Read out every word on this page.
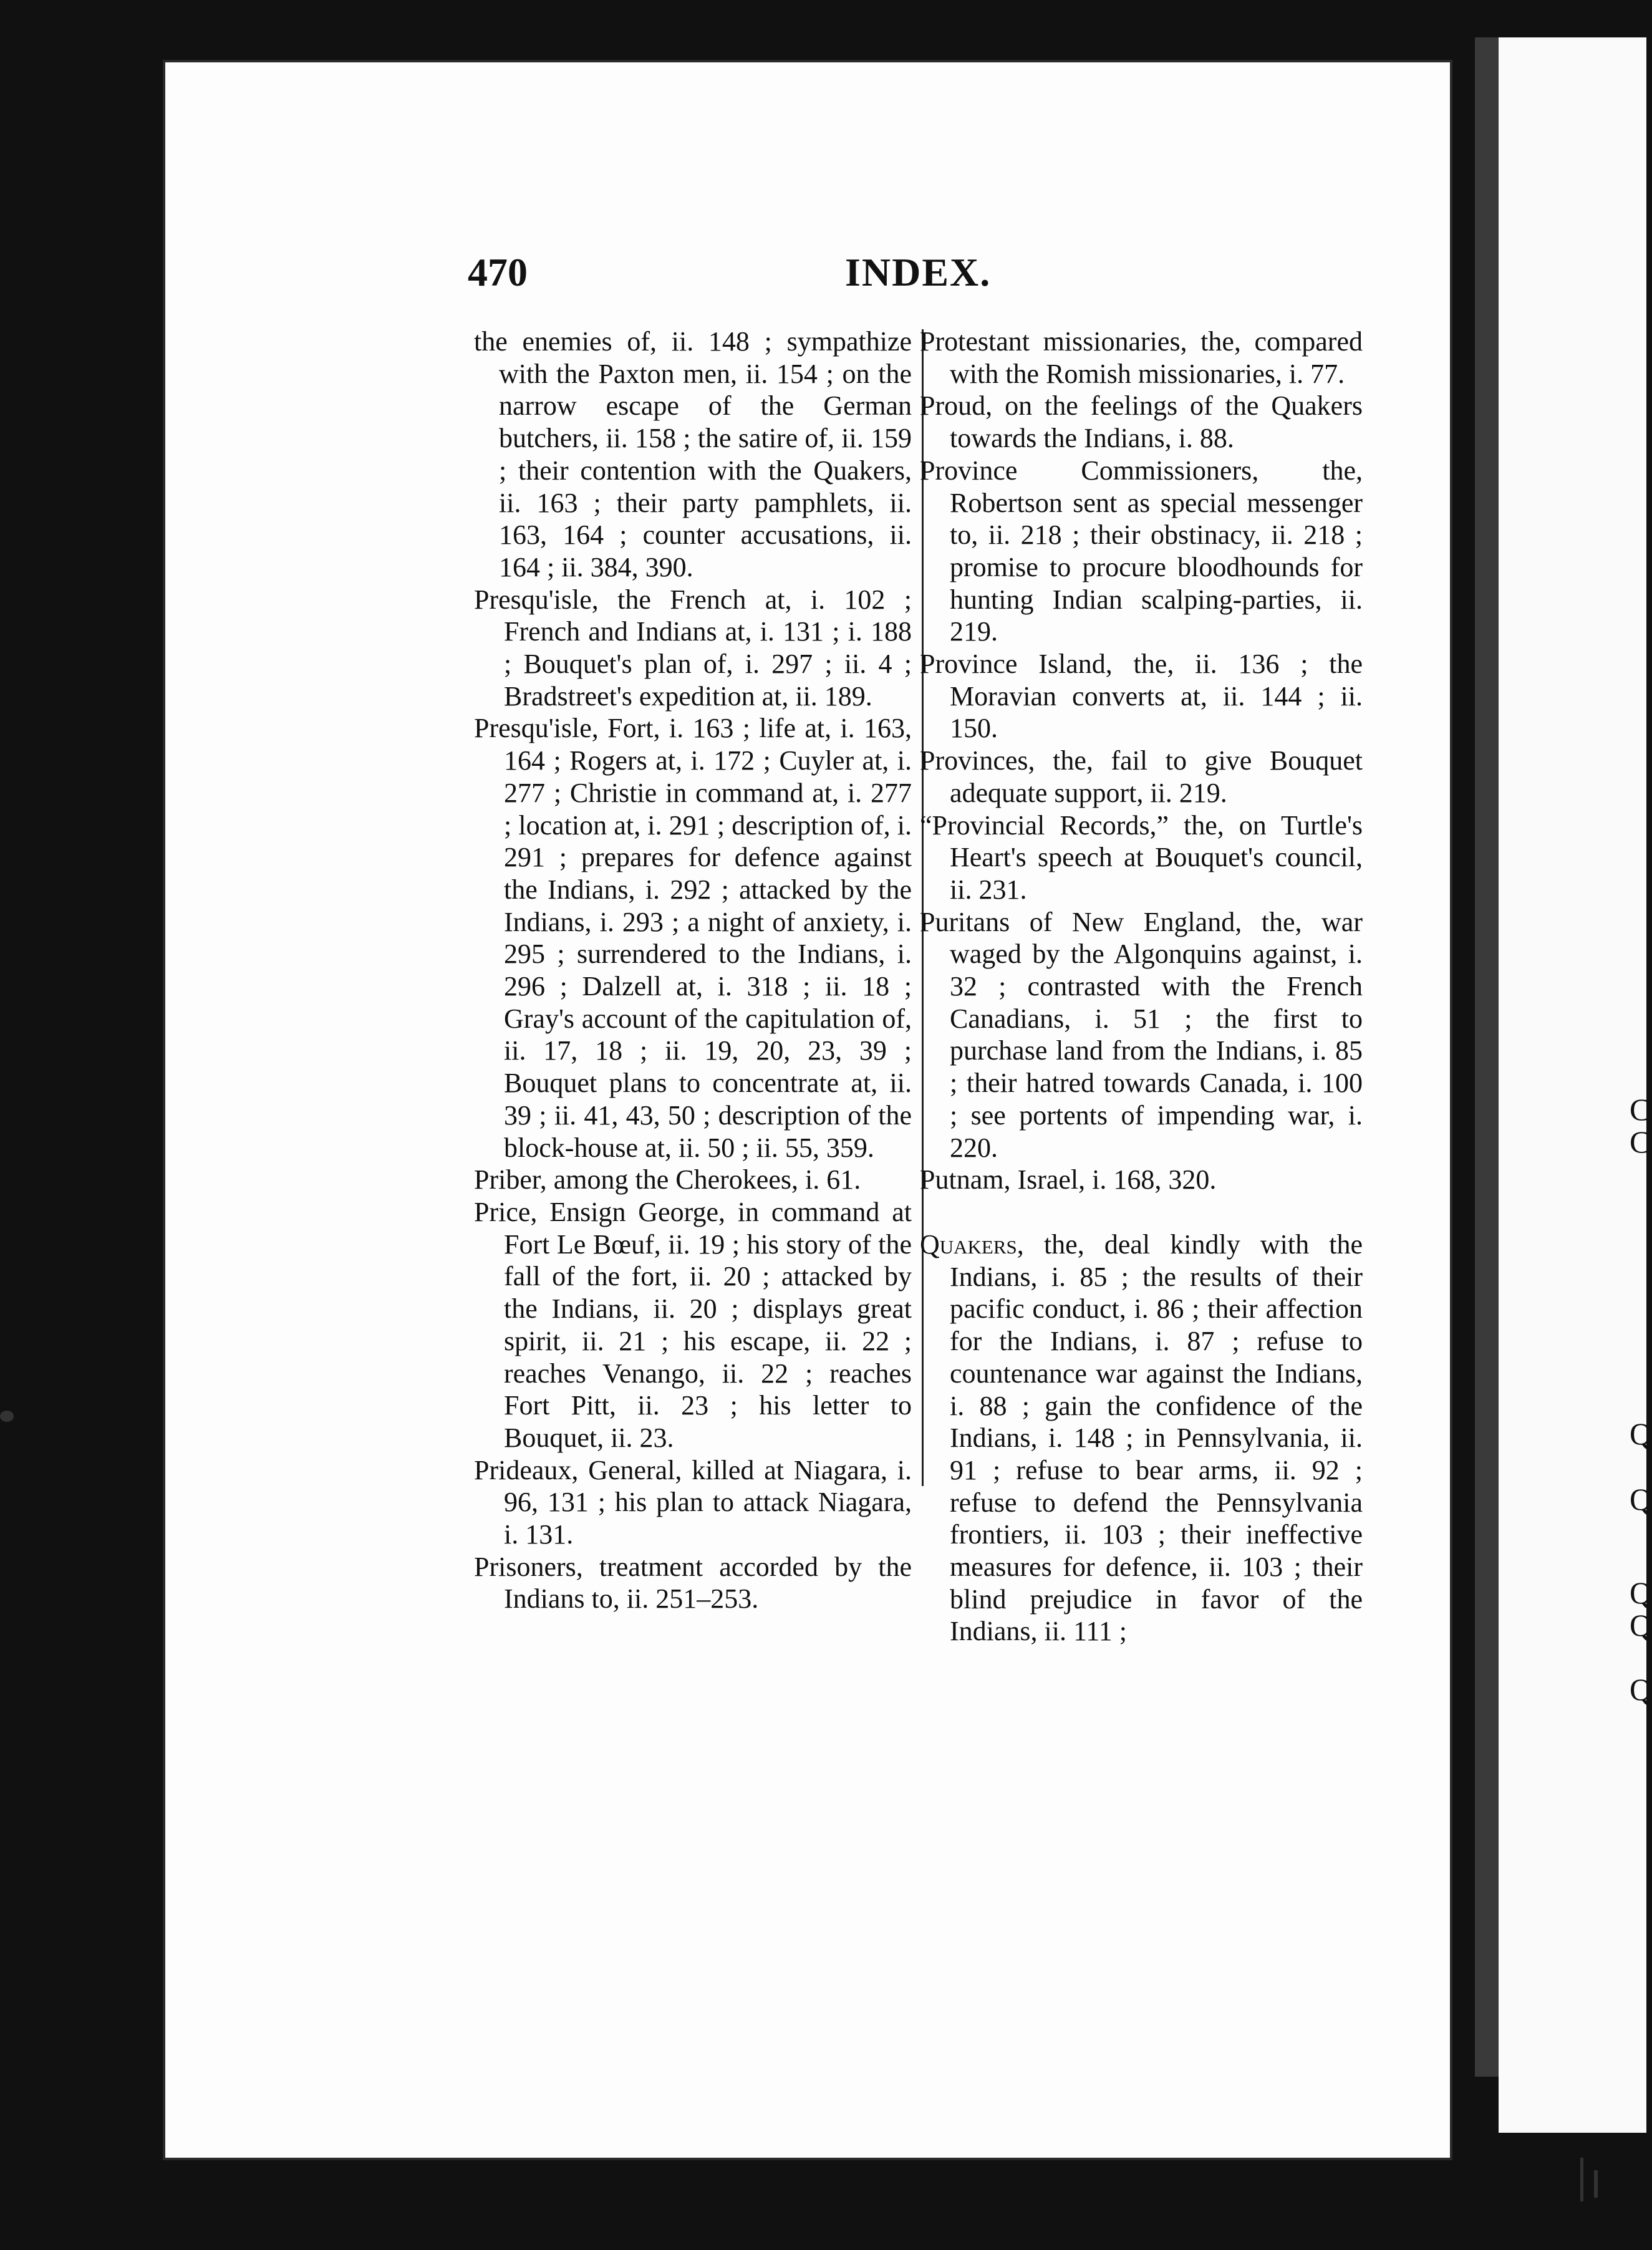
C
C
Q
Q
Q
Q
Q
470	INDEX.

the enemies of, ii. 148 ; sympathize with the Paxton men, ii. 154 ; on the narrow escape of the German butchers, ii. 158 ; the satire of, ii. 159 ; their contention with the Quakers, ii. 163 ; their party pamphlets, ii. 163, 164 ; counter accusations, ii. 164 ; ii. 384, 390.

Presqu'isle, the French at, i. 102 ; French and Indians at, i. 131 ; i. 188 ; Bouquet's plan of, i. 297 ; ii. 4 ; Bradstreet's expedition at, ii. 189.

Presqu'isle, Fort, i. 163 ; life at, i. 163, 164 ; Rogers at, i. 172 ; Cuyler at, i. 277 ; Christie in command at, i. 277 ; location at, i. 291 ; description of, i. 291 ; prepares for defence against the Indians, i. 292 ; attacked by the Indians, i. 293 ; a night of anxiety, i. 295 ; surrendered to the Indians, i. 296 ; Dalzell at, i. 318 ; ii. 18 ; Gray's account of the capitulation of, ii. 17, 18 ; ii. 19, 20, 23, 39 ; Bouquet plans to concentrate at, ii. 39 ; ii. 41, 43, 50 ; description of the block-house at, ii. 50 ; ii. 55, 359.

Priber, among the Cherokees, i. 61.

Price, Ensign George, in command at Fort Le Bœuf, ii. 19 ; his story of the fall of the fort, ii. 20 ; attacked by the Indians, ii. 20 ; displays great spirit, ii. 21 ; his escape, ii. 22 ; reaches Venango, ii. 22 ; reaches Fort Pitt, ii. 23 ; his letter to Bouquet, ii. 23.

Prideaux, General, killed at Niagara, i. 96, 131 ; his plan to attack Niagara, i. 131.

Prisoners, treatment accorded by the Indians to, ii. 251–253.

Protestant missionaries, the, compared with the Romish missionaries, i. 77.

Proud, on the feelings of the Quakers towards the Indians, i. 88.

Province Commissioners, the, Robertson sent as special messenger to, ii. 218 ; their obstinacy, ii. 218 ; promise to procure bloodhounds for hunting Indian scalping-parties, ii. 219.

Province Island, the, ii. 136 ; the Moravian converts at, ii. 144 ; ii. 150.

Provinces, the, fail to give Bouquet adequate support, ii. 219.

“Provincial Records,” the, on Turtle's Heart's speech at Bouquet's council, ii. 231.

Puritans of New England, the, war waged by the Algonquins against, i. 32 ; contrasted with the French Canadians, i. 51 ; the first to purchase land from the Indians, i. 85 ; their hatred towards Canada, i. 100 ; see portents of impending war, i. 220.

Putnam, Israel, i. 168, 320.

Quakers, the, deal kindly with the Indians, i. 85 ; the results of their pacific conduct, i. 86 ; their affection for the Indians, i. 87 ; refuse to countenance war against the Indians, i. 88 ; gain the confidence of the Indians, i. 148 ; in Pennsylvania, ii. 91 ; refuse to bear arms, ii. 92 ; refuse to defend the Pennsylvania frontiers, ii. 103 ; their ineffective measures for defence, ii. 103 ; their blind prejudice in favor of the Indians, ii. 111 ;
